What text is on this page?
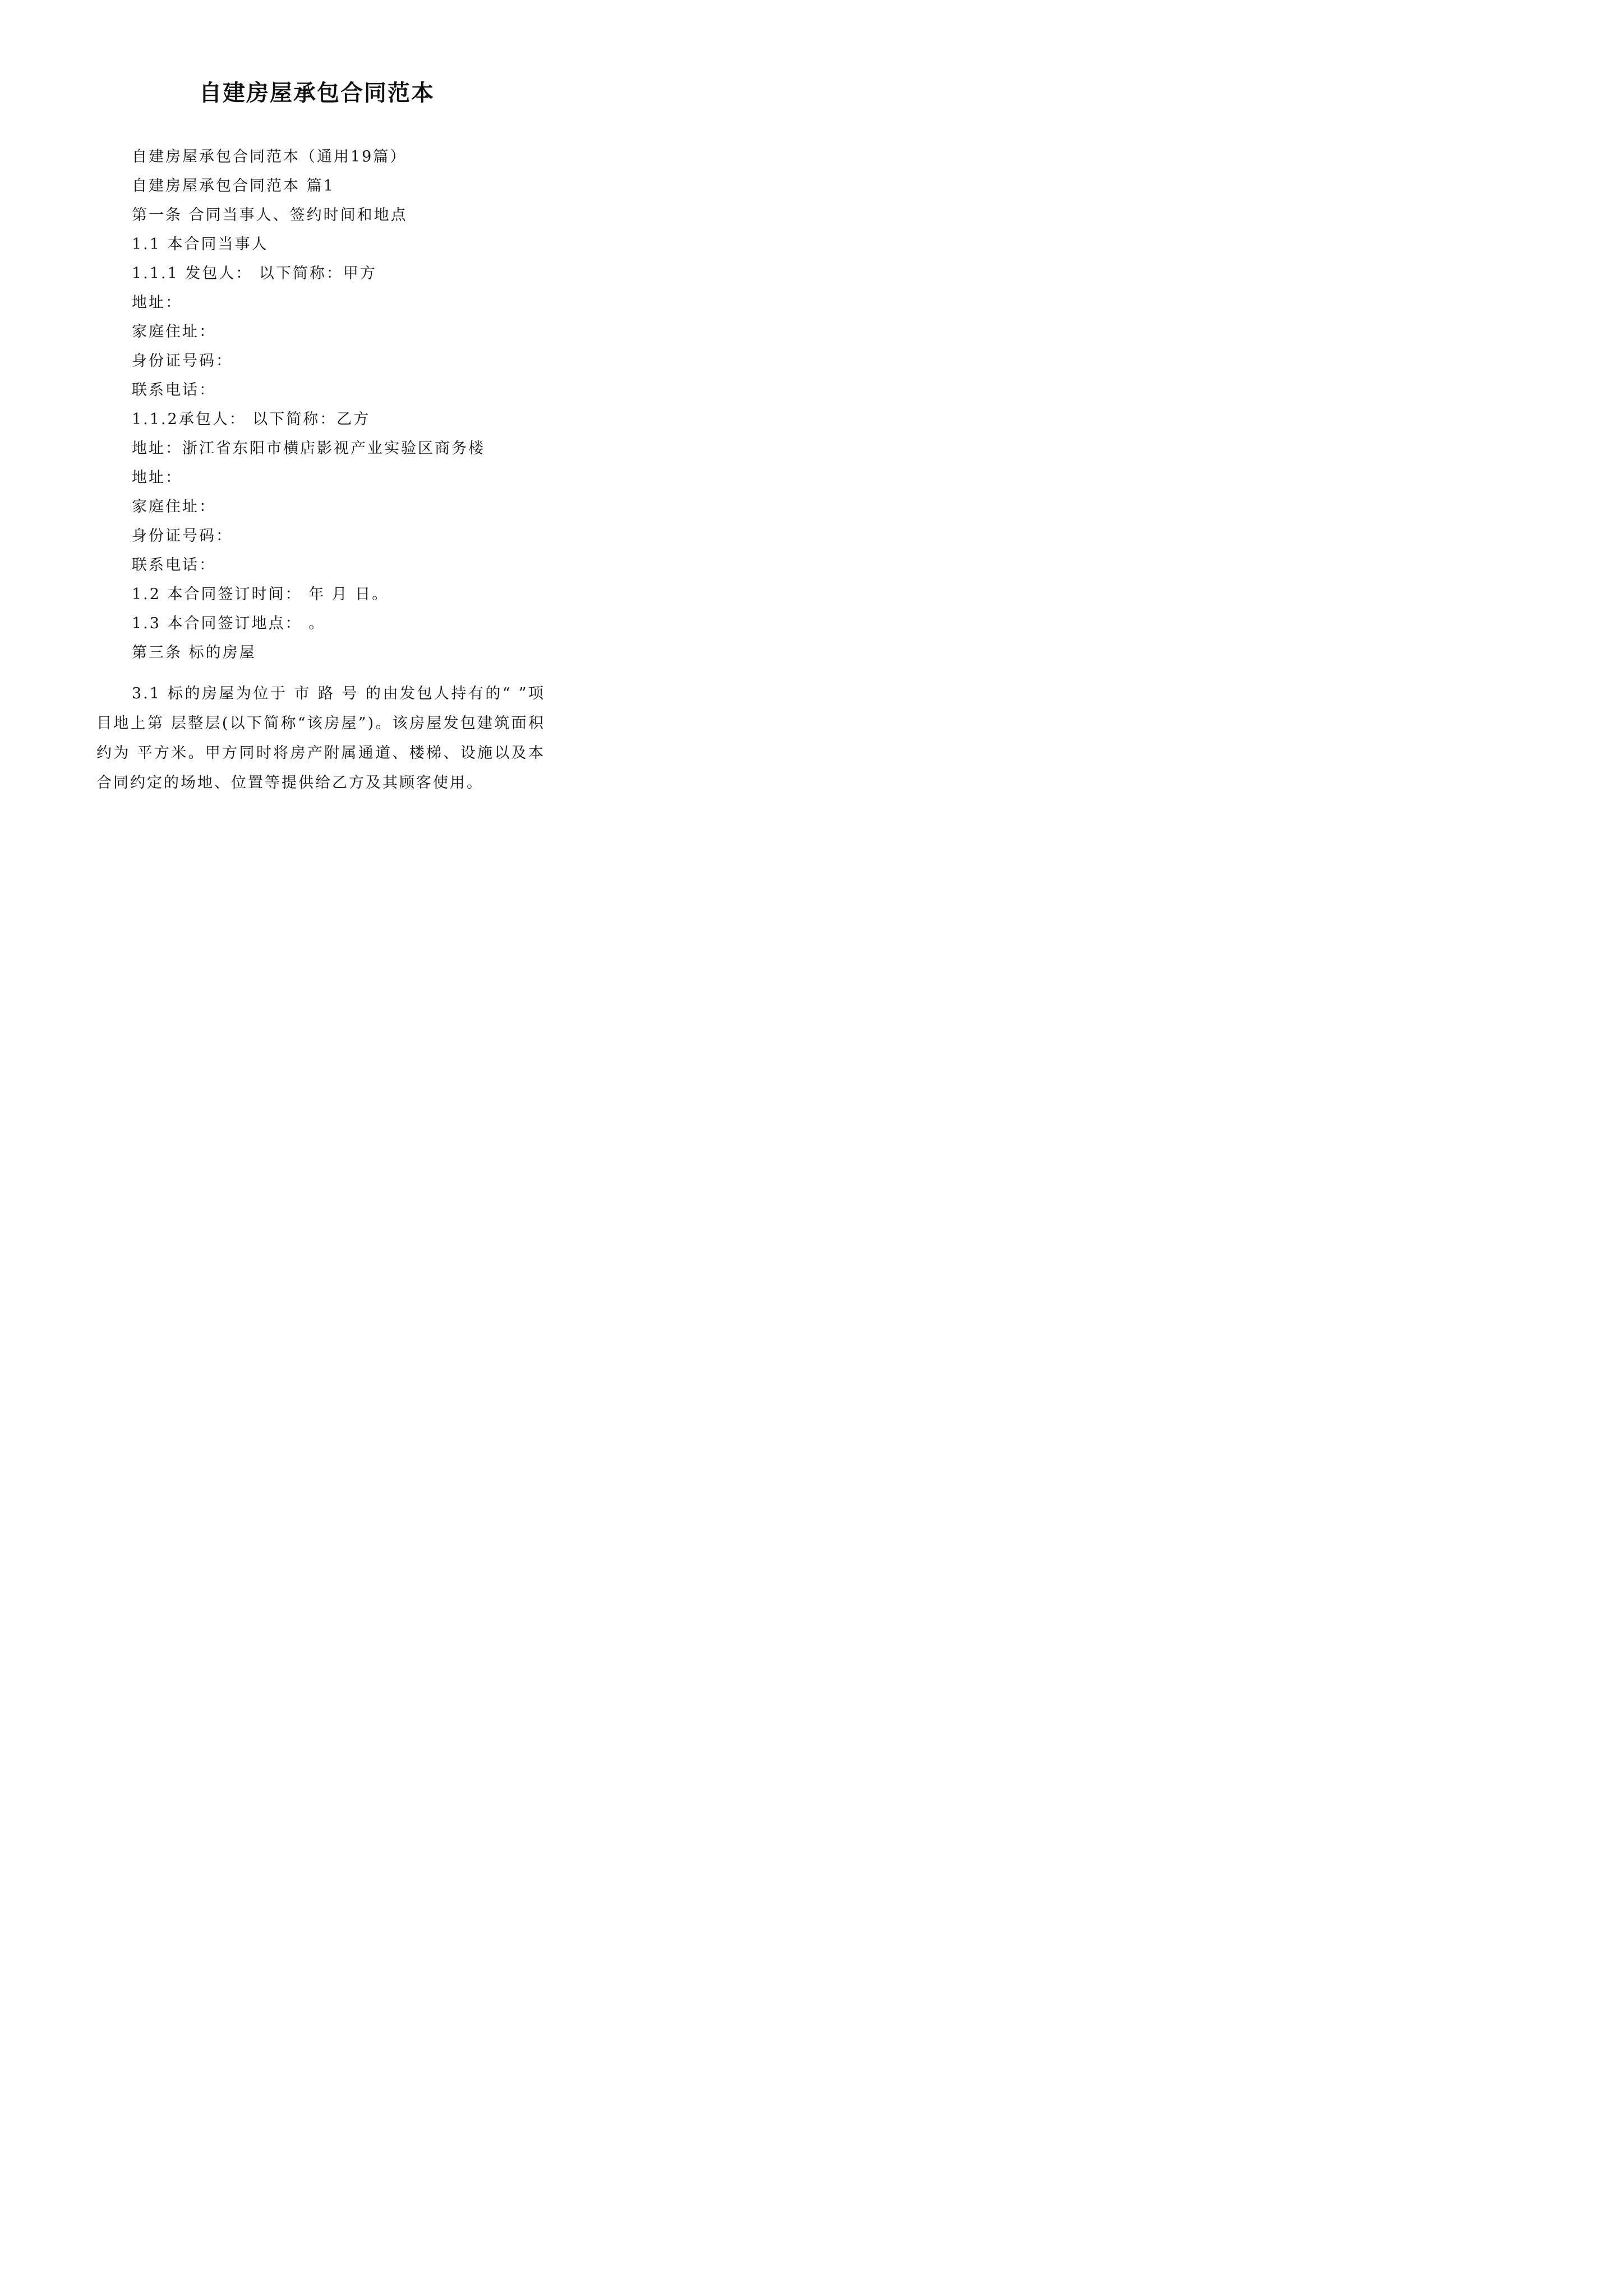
自建房屋承包合同范本
自建房屋承包合同范本（通用19篇）
自建房屋承包合同范本 篇1
第一条 合同当事人、签约时间和地点
1.1 本合同当事人
1.1.1 发包人： 以下简称：甲方
地址：
家庭住址：
身份证号码：
联系电话：
1.1.2承包人： 以下简称：乙方
地址：浙江省东阳市横店影视产业实验区商务楼
地址：
家庭住址：
身份证号码：
联系电话：
1.2 本合同签订时间： 年 月 日。
1.3 本合同签订地点： 。
第三条 标的房屋
3.1 标的房屋为位于 市 路 号 的由发包人持有的“ ”项目地上第 层整层(以下简称“该房屋”)。该房屋发包建筑面积约为 平方米。甲方同时将房产附属通道、楼梯、设施以及本合同约定的场地、位置等提供给乙方及其顾客使用。
